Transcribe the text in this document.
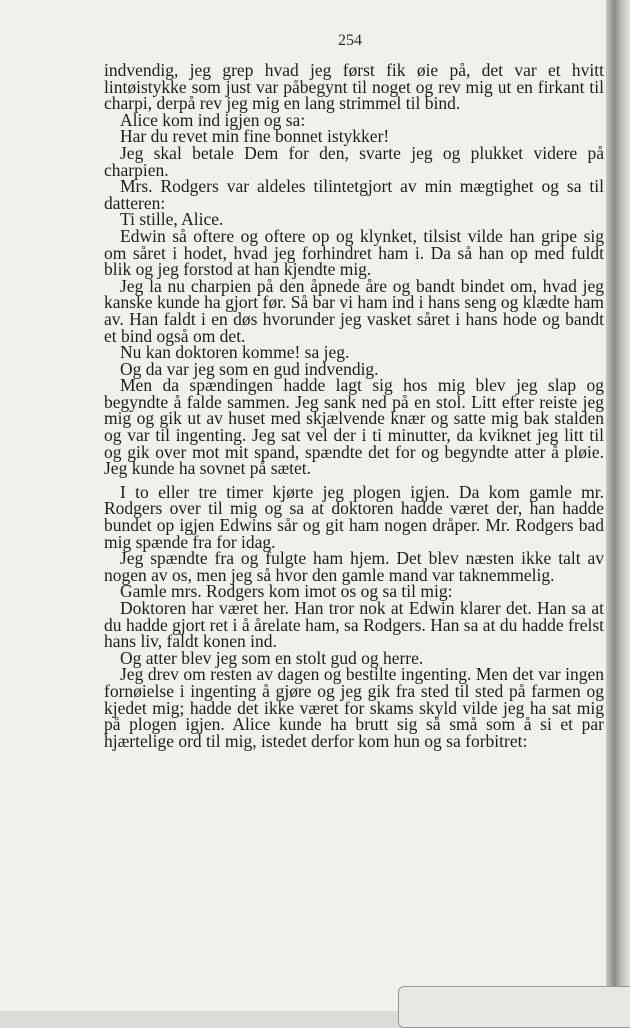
254

indvendig, jeg grep hvad jeg først fik øie på, det var et hvitt lintøistykke som just var påbegynt til noget og rev mig ut en firkant til charpi, derpå rev jeg mig en lang strimmel til bind.

Alice kom ind igjen og sa:

Har du revet min fine bonnet istykker!

Jeg skal betale Dem for den, svarte jeg og plukket videre på charpien.

Mrs. Rodgers var aldeles tilintetgjort av min mægtighet og sa til datteren:

Ti stille, Alice.

Edwin så oftere og oftere op og klynket, tilsist vilde han gripe sig om såret i hodet, hvad jeg forhindret ham i. Da så han op med fuldt blik og jeg forstod at han kjendte mig.

Jeg la nu charpien på den åpnede åre og bandt bindet om, hvad jeg kanske kunde ha gjort før. Så bar vi ham ind i hans seng og klædte ham av. Han faldt i en døs hvorunder jeg vasket såret i hans hode og bandt et bind også om det.

Nu kan doktoren komme! sa jeg.

Og da var jeg som en gud indvendig.

Men da spændingen hadde lagt sig hos mig blev jeg slap og begyndte å falde sammen. Jeg sank ned på en stol. Litt efter reiste jeg mig og gik ut av huset med skjælvende knær og satte mig bak stalden og var til ingenting. Jeg sat vel der i ti minutter, da kviknet jeg litt til og gik over mot mit spand, spændte det for og begyndte atter å pløie. Jeg kunde ha sovnet på sætet.

I to eller tre timer kjørte jeg plogen igjen. Da kom gamle mr. Rodgers over til mig og sa at doktoren hadde været der, han hadde bundet op igjen Edwins sår og git ham nogen dråper. Mr. Rodgers bad mig spænde fra for idag.

Jeg spændte fra og fulgte ham hjem. Det blev næsten ikke talt av nogen av os, men jeg så hvor den gamle mand var taknemmelig.

Gamle mrs. Rodgers kom imot os og sa til mig:

Doktoren har været her. Han tror nok at Edwin klarer det. Han sa at du hadde gjort ret i å årelate ham, sa Rodgers. Han sa at du hadde frelst hans liv, faldt konen ind.

Og atter blev jeg som en stolt gud og herre.

Jeg drev om resten av dagen og bestilte ingenting. Men det var ingen fornøielse i ingenting å gjøre og jeg gik fra sted til sted på farmen og kjedet mig; hadde det ikke været for skams skyld vilde jeg ha sat mig på plogen igjen. Alice kunde ha brutt sig så små som å si et par hjærtelige ord til mig, istedet derfor kom hun og sa forbitret:
